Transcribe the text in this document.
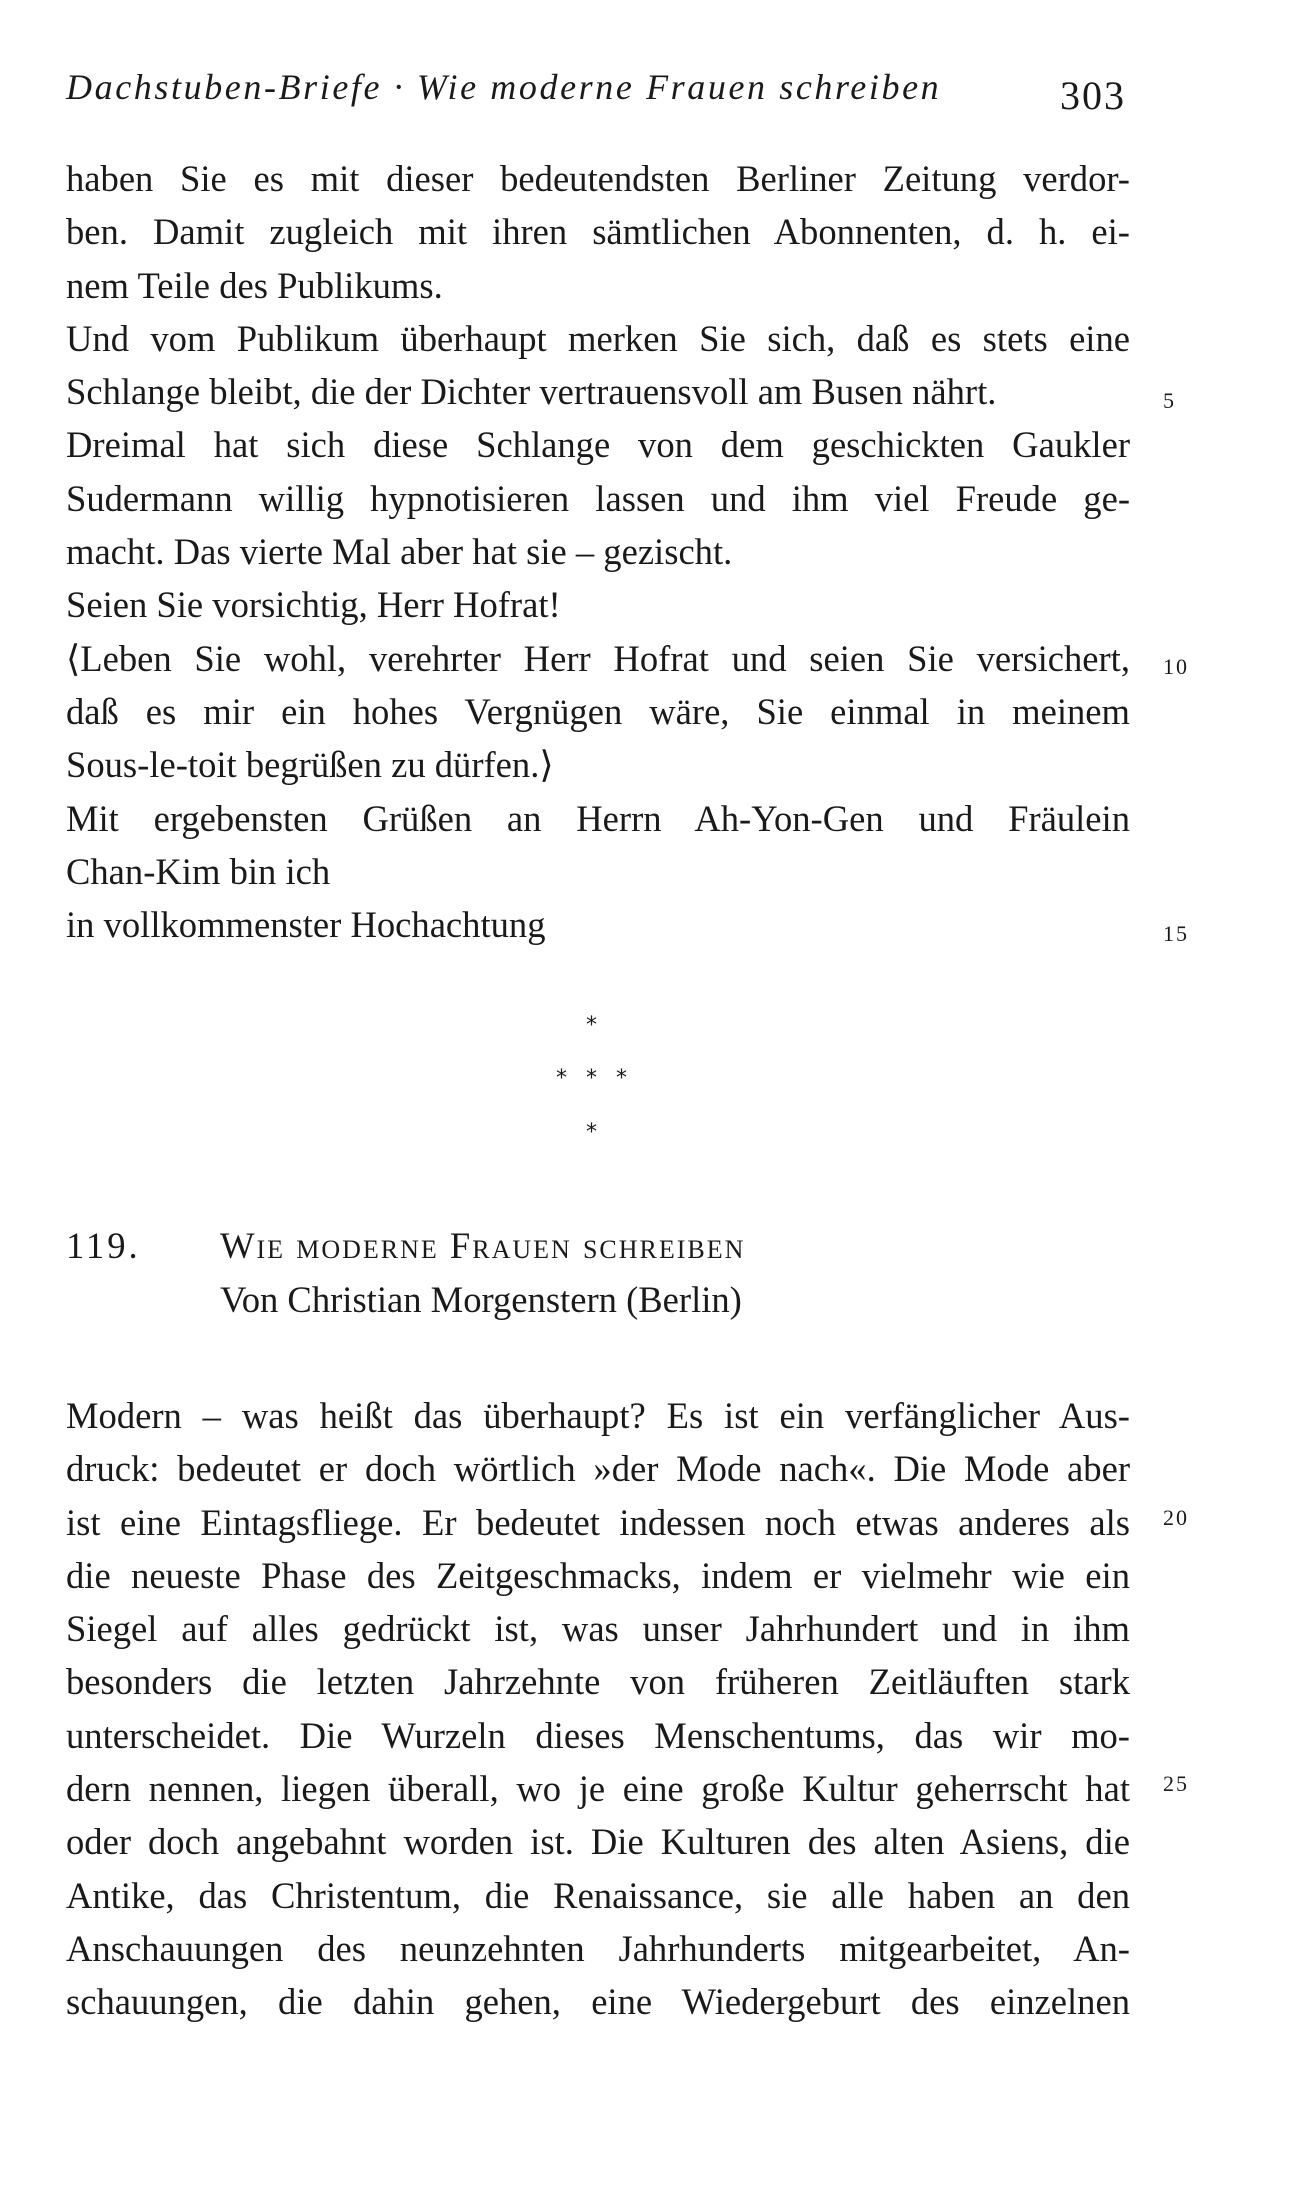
Dachstuben-Briefe · Wie moderne Frauen schreiben	303
haben Sie es mit dieser bedeutendsten Berliner Zeitung verdor-
ben. Damit zugleich mit ihren sämtlichen Abonnenten, d. h. ei-
nem Teile des Publikums.
Und vom Publikum überhaupt merken Sie sich, daß es stets eine
Schlange bleibt, die der Dichter vertrauensvoll am Busen nährt.
Dreimal hat sich diese Schlange von dem geschickten Gaukler
Sudermann willig hypnotisieren lassen und ihm viel Freude ge-
macht. Das vierte Mal aber hat sie – gezischt.
Seien Sie vorsichtig, Herr Hofrat!
⟨Leben Sie wohl, verehrter Herr Hofrat und seien Sie versichert,
daß es mir ein hohes Vergnügen wäre, Sie einmal in meinem
Sous-le-toit begrüßen zu dürfen.⟩
Mit ergebensten Grüßen an Herrn Ah-Yon-Gen und Fräulein
Chan-Kim bin ich
in vollkommenster Hochachtung
5
10
15
*
* * *
*
119. Wie moderne Frauen schreiben
Von Christian Morgenstern (Berlin)
Modern – was heißt das überhaupt? Es ist ein verfänglicher Aus-
druck: bedeutet er doch wörtlich »der Mode nach«. Die Mode aber
ist eine Eintagsfliege. Er bedeutet indessen noch etwas anderes als
die neueste Phase des Zeitgeschmacks, indem er vielmehr wie ein
Siegel auf alles gedrückt ist, was unser Jahrhundert und in ihm
besonders die letzten Jahrzehnte von früheren Zeitläuften stark
unterscheidet. Die Wurzeln dieses Menschentums, das wir mo-
dern nennen, liegen überall, wo je eine große Kultur geherrscht hat
oder doch angebahnt worden ist. Die Kulturen des alten Asiens, die
Antike, das Christentum, die Renaissance, sie alle haben an den
Anschauungen des neunzehnten Jahrhunderts mitgearbeitet, An-
schauungen, die dahin gehen, eine Wiedergeburt des einzelnen
20
25
